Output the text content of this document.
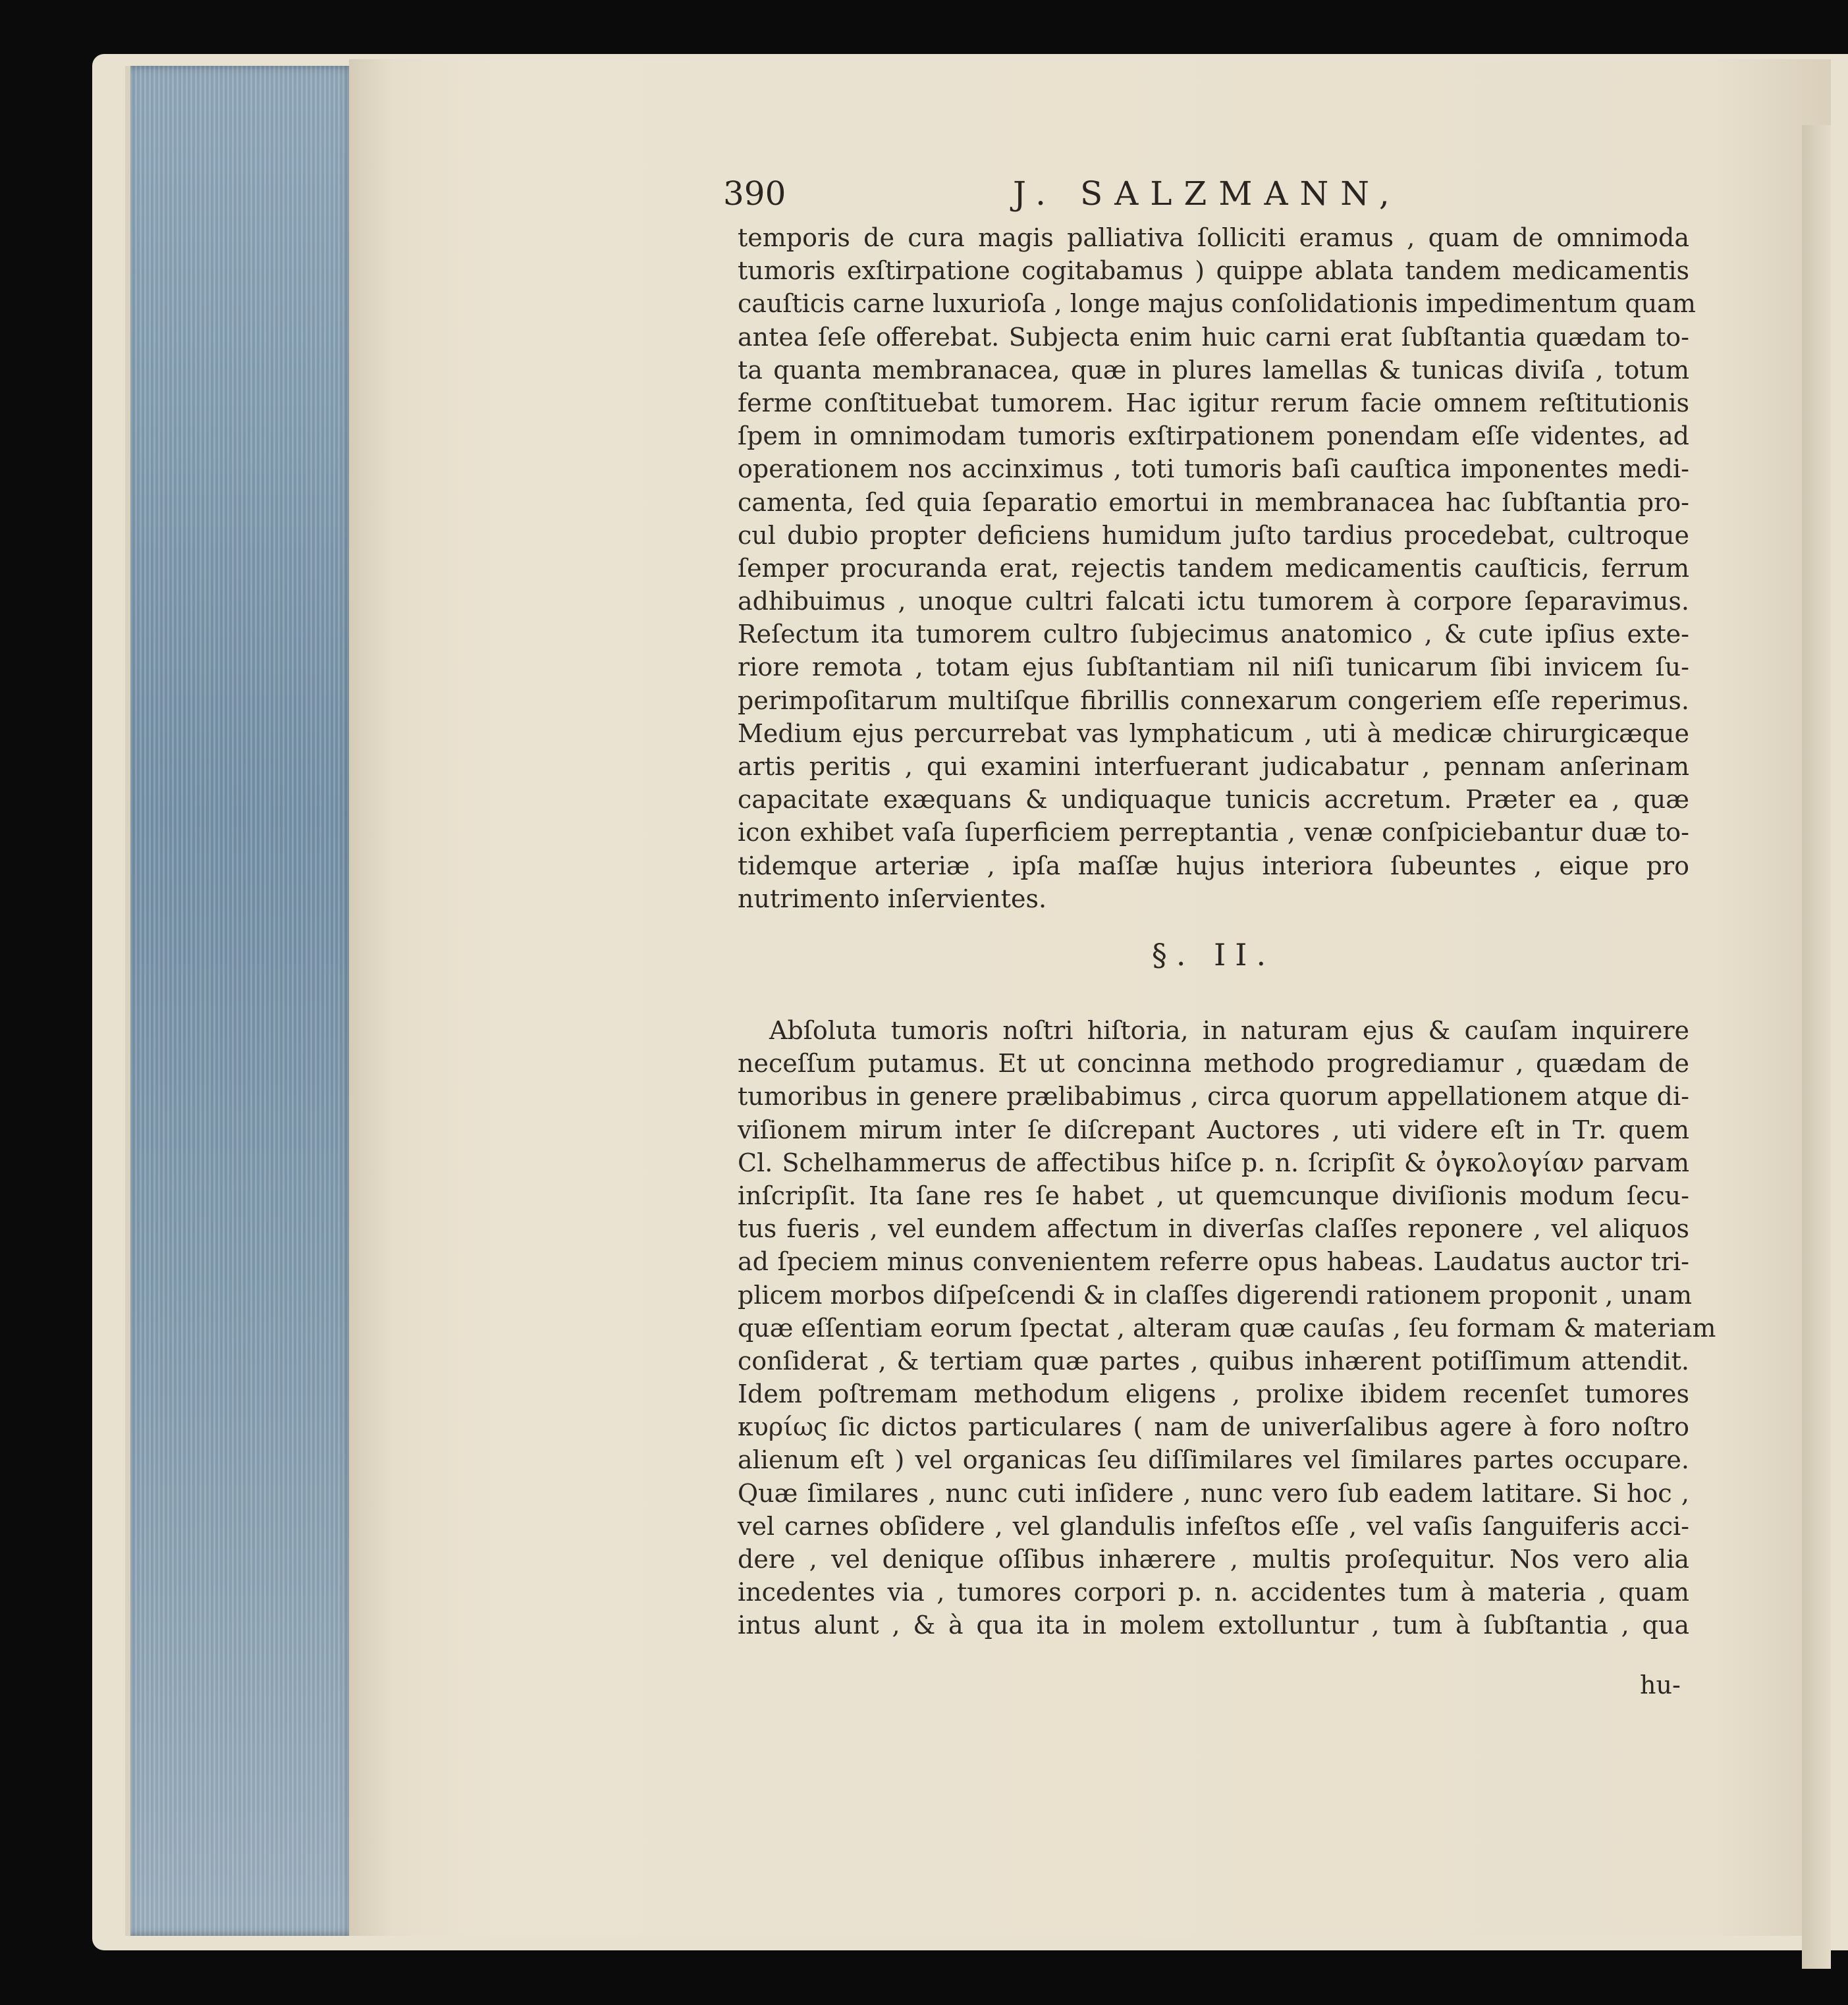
390	J. SALZMANN,
temporis de cura magis palliativa ſolliciti eramus , quam de omnimoda
tumoris exſtirpatione cogitabamus ) quippe ablata tandem medicamentis
cauſticis carne luxurioſa , longe majus conſolidationis impedimentum quam
antea ſeſe offerebat. Subjecta enim huic carni erat ſubſtantia quædam to-
ta quanta membranacea, quæ in plures lamellas & tunicas diviſa , totum
ferme conſtituebat tumorem. Hac igitur rerum facie omnem reſtitutionis
ſpem in omnimodam tumoris exſtirpationem ponendam eſſe videntes, ad
operationem nos accinximus , toti tumoris baſi cauſtica imponentes medi-
camenta, ſed quia ſeparatio emortui in membranacea hac ſubſtantia pro-
cul dubio propter deficiens humidum juſto tardius procedebat, cultroque
ſemper procuranda erat, rejectis tandem medicamentis cauſticis, ferrum
adhibuimus , unoque cultri falcati ictu tumorem à corpore ſeparavimus.
Reſectum ita tumorem cultro ſubjecimus anatomico , & cute ipſius exte-
riore remota , totam ejus ſubſtantiam nil niſi tunicarum ſibi invicem ſu-
perimpoſitarum multiſque fibrillis connexarum congeriem eſſe reperimus.
Medium ejus percurrebat vas lymphaticum , uti à medicæ chirurgicæque
artis peritis , qui examini interfuerant judicabatur , pennam anſerinam
capacitate exæquans & undiquaque tunicis accretum. Præter ea , quæ
icon exhibet vaſa ſuperficiem perreptantia , venæ conſpiciebantur duæ to-
tidemque arteriæ , ipſa maſſæ hujus interiora ſubeuntes , eique pro
nutrimento inſervientes.
§. II.
Abſoluta tumoris noſtri hiſtoria, in naturam ejus & cauſam inquirere
neceſſum putamus. Et ut concinna methodo progrediamur , quædam de
tumoribus in genere prælibabimus , circa quorum appellationem atque di-
viſionem mirum inter ſe diſcrepant Auctores , uti videre eſt in Tr. quem
Cl. Schelhammerus de affectibus hiſce p. n. ſcripſit & ὀγκολογίαν parvam
inſcripſit. Ita ſane res ſe habet , ut quemcunque diviſionis modum ſecu-
tus fueris , vel eundem affectum in diverſas claſſes reponere , vel aliquos
ad ſpeciem minus convenientem referre opus habeas. Laudatus auctor tri-
plicem morbos diſpeſcendi & in claſſes digerendi rationem proponit , unam
quæ eſſentiam eorum ſpectat , alteram quæ cauſas , ſeu formam & materiam
conſiderat , & tertiam quæ partes , quibus inhærent potiſſimum attendit.
Idem poſtremam methodum eligens , prolixe ibidem recenſet tumores
κυρίως ſic dictos particulares ( nam de univerſalibus agere à foro noſtro
alienum eſt ) vel organicas ſeu diſſimilares vel ſimilares partes occupare.
Quæ ſimilares , nunc cuti inſidere , nunc vero ſub eadem latitare. Si hoc ,
vel carnes obſidere , vel glandulis infeſtos eſſe , vel vaſis ſanguiferis acci-
dere , vel denique oſſibus inhærere , multis proſequitur. Nos vero alia
incedentes via , tumores corpori p. n. accidentes tum à materia , quam
intus alunt , & à qua ita in molem extolluntur , tum à ſubſtantia , qua
hu-
